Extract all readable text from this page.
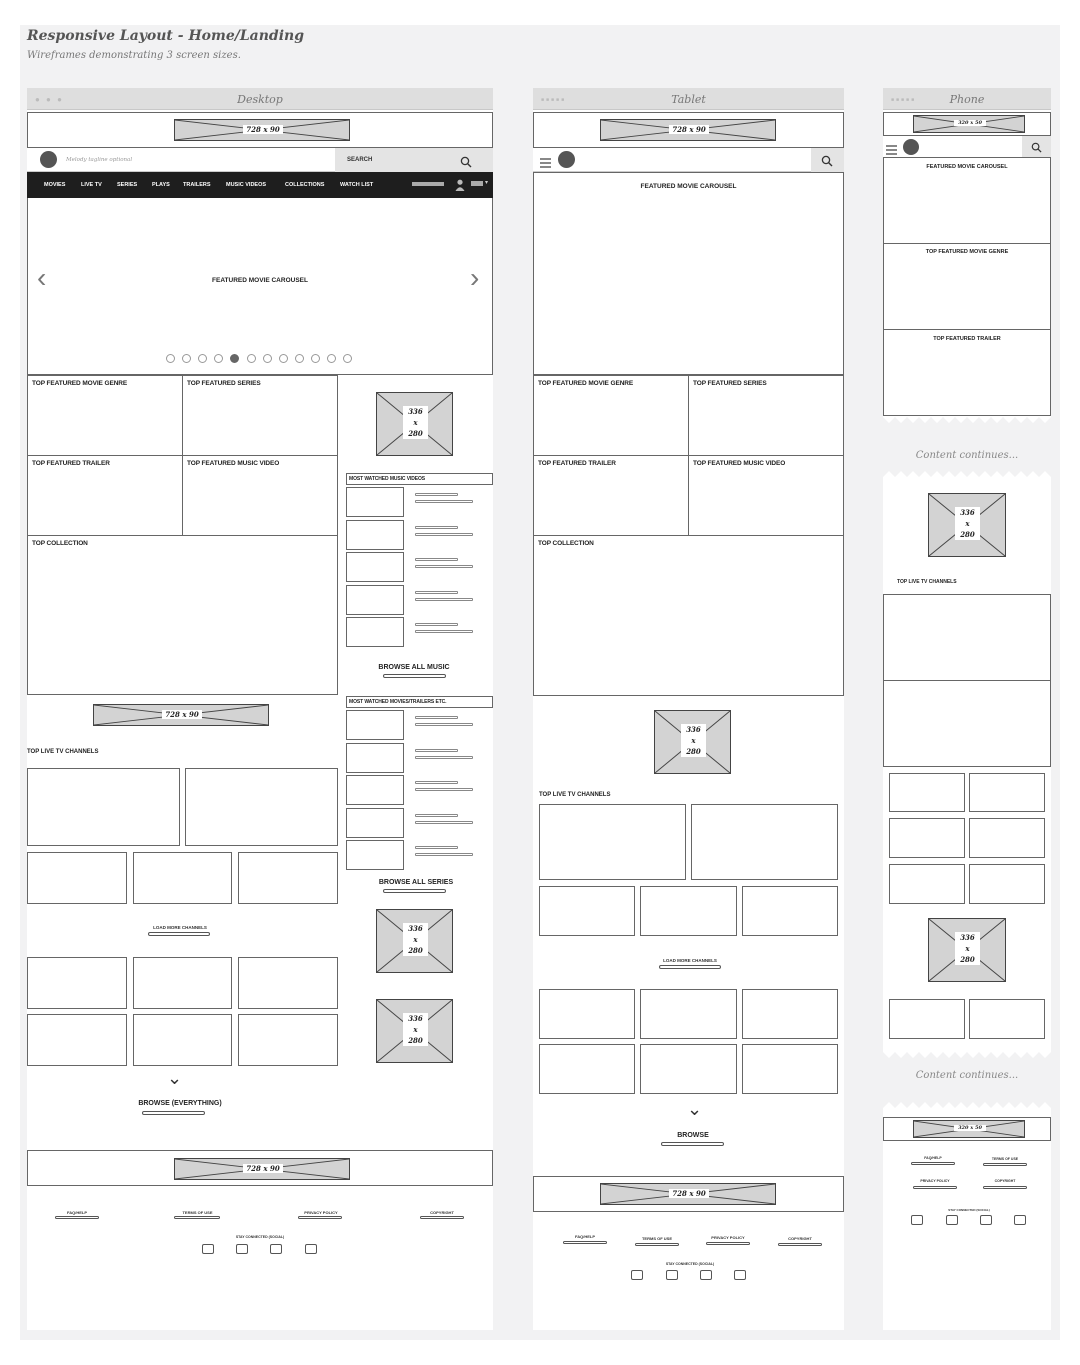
Responsive Layout - Home/Landing
Wireframes demonstrating 3 screen sizes.
● ● ●	Desktop
728 x 90
Melody tagline optional	SEARCH
MOVIES	LIVE TV	SERIES	PLAYS TRAILERS	MUSIC VIDEOS	COLLECTIONS	WATCH LIST	▾
‹	›
FEATURED MOVIE CAROUSEL
TOP FEATURED MOVIE GENRE	TOP FEATURED SERIES
TOP FEATURED TRAILER	TOP FEATURED MUSIC VIDEO
TOP COLLECTION
336
x
280
MOST WATCHED MUSIC VIDEOS
BROWSE ALL MUSIC
MOST WATCHED MOVIES/TRAILERS ETC.
BROWSE ALL SERIES
336
x
280
336
x
280
728 x 90
TOP LIVE TV CHANNELS
LOAD MORE CHANNELS
⌄
BROWSE (EVERYTHING)
728 x 90
FAQ/HELP	TERMS OF USE	PRIVACY POLICY	COPYRIGHT
STAY CONNECTED (SOCIAL)
■■■■■	Tablet
728 x 90
FEATURED MOVIE CAROUSEL
TOP FEATURED MOVIE GENRE	TOP FEATURED SERIES
TOP FEATURED TRAILER	TOP FEATURED MUSIC VIDEO
TOP COLLECTION
336
x
280
TOP LIVE TV CHANNELS
LOAD MORE CHANNELS
⌄
BROWSE
728 x 90
FAQ/HELP	TERMS OF USE	PRIVACY POLICY	COPYRIGHT
STAY CONNECTED (SOCIAL)
■■■■■	Phone
320 x 50
FEATURED MOVIE CAROUSEL
TOP FEATURED MOVIE GENRE
TOP FEATURED TRAILER
Content continues...
336
x
280
TOP LIVE TV CHANNELS
336
x
280
Content continues...
320 x 50
FAQ/HELP	TERMS OF USE
PRIVACY POLICY	COPYRIGHT
STAY CONNECTED (SOCIAL)
